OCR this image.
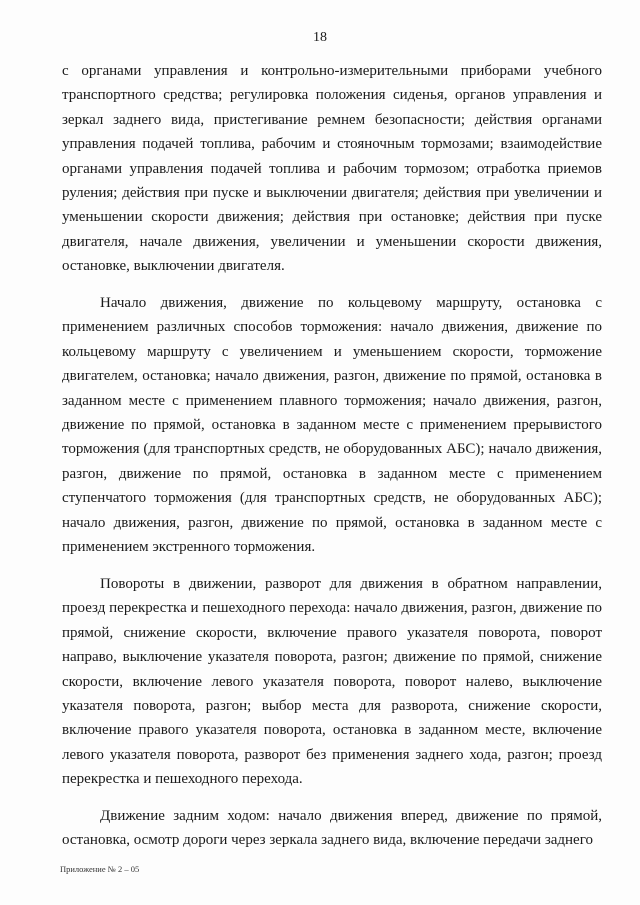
18

с органами управления и контрольно-измерительными приборами учебного транспортного средства; регулировка положения сиденья, органов управления и зеркал заднего вида, пристегивание ремнем безопасности; действия органами управления подачей топлива, рабочим и стояночным тормозами; взаимодействие органами управления подачей топлива и рабочим тормозом; отработка приемов руления; действия при пуске и выключении двигателя; действия при увеличении и уменьшении скорости движения; действия при остановке; действия при пуске двигателя, начале движения, увеличении и уменьшении скорости движения, остановке, выключении двигателя.

Начало движения, движение по кольцевому маршруту, остановка с применением различных способов торможения: начало движения, движение по кольцевому маршруту с увеличением и уменьшением скорости, торможение двигателем, остановка; начало движения, разгон, движение по прямой, остановка в заданном месте с применением плавного торможения; начало движения, разгон, движение по прямой, остановка в заданном месте с применением прерывистого торможения (для транспортных средств, не оборудованных АБС); начало движения, разгон, движение по прямой, остановка в заданном месте с применением ступенчатого торможения (для транспортных средств, не оборудованных АБС); начало движения, разгон, движение по прямой, остановка в заданном месте с применением экстренного торможения.

Повороты в движении, разворот для движения в обратном направлении, проезд перекрестка и пешеходного перехода: начало движения, разгон, движение по прямой, снижение скорости, включение правого указателя поворота, поворот направо, выключение указателя поворота, разгон; движение по прямой, снижение скорости, включение левого указателя поворота, поворот налево, выключение указателя поворота, разгон; выбор места для разворота, снижение скорости, включение правого указателя поворота, остановка в заданном месте, включение левого указателя поворота, разворот без применения заднего хода, разгон; проезд перекрестка и пешеходного перехода.

Движение задним ходом: начало движения вперед, движение по прямой, остановка, осмотр дороги через зеркала заднего вида, включение передачи заднего

Приложение № 2 – 05
